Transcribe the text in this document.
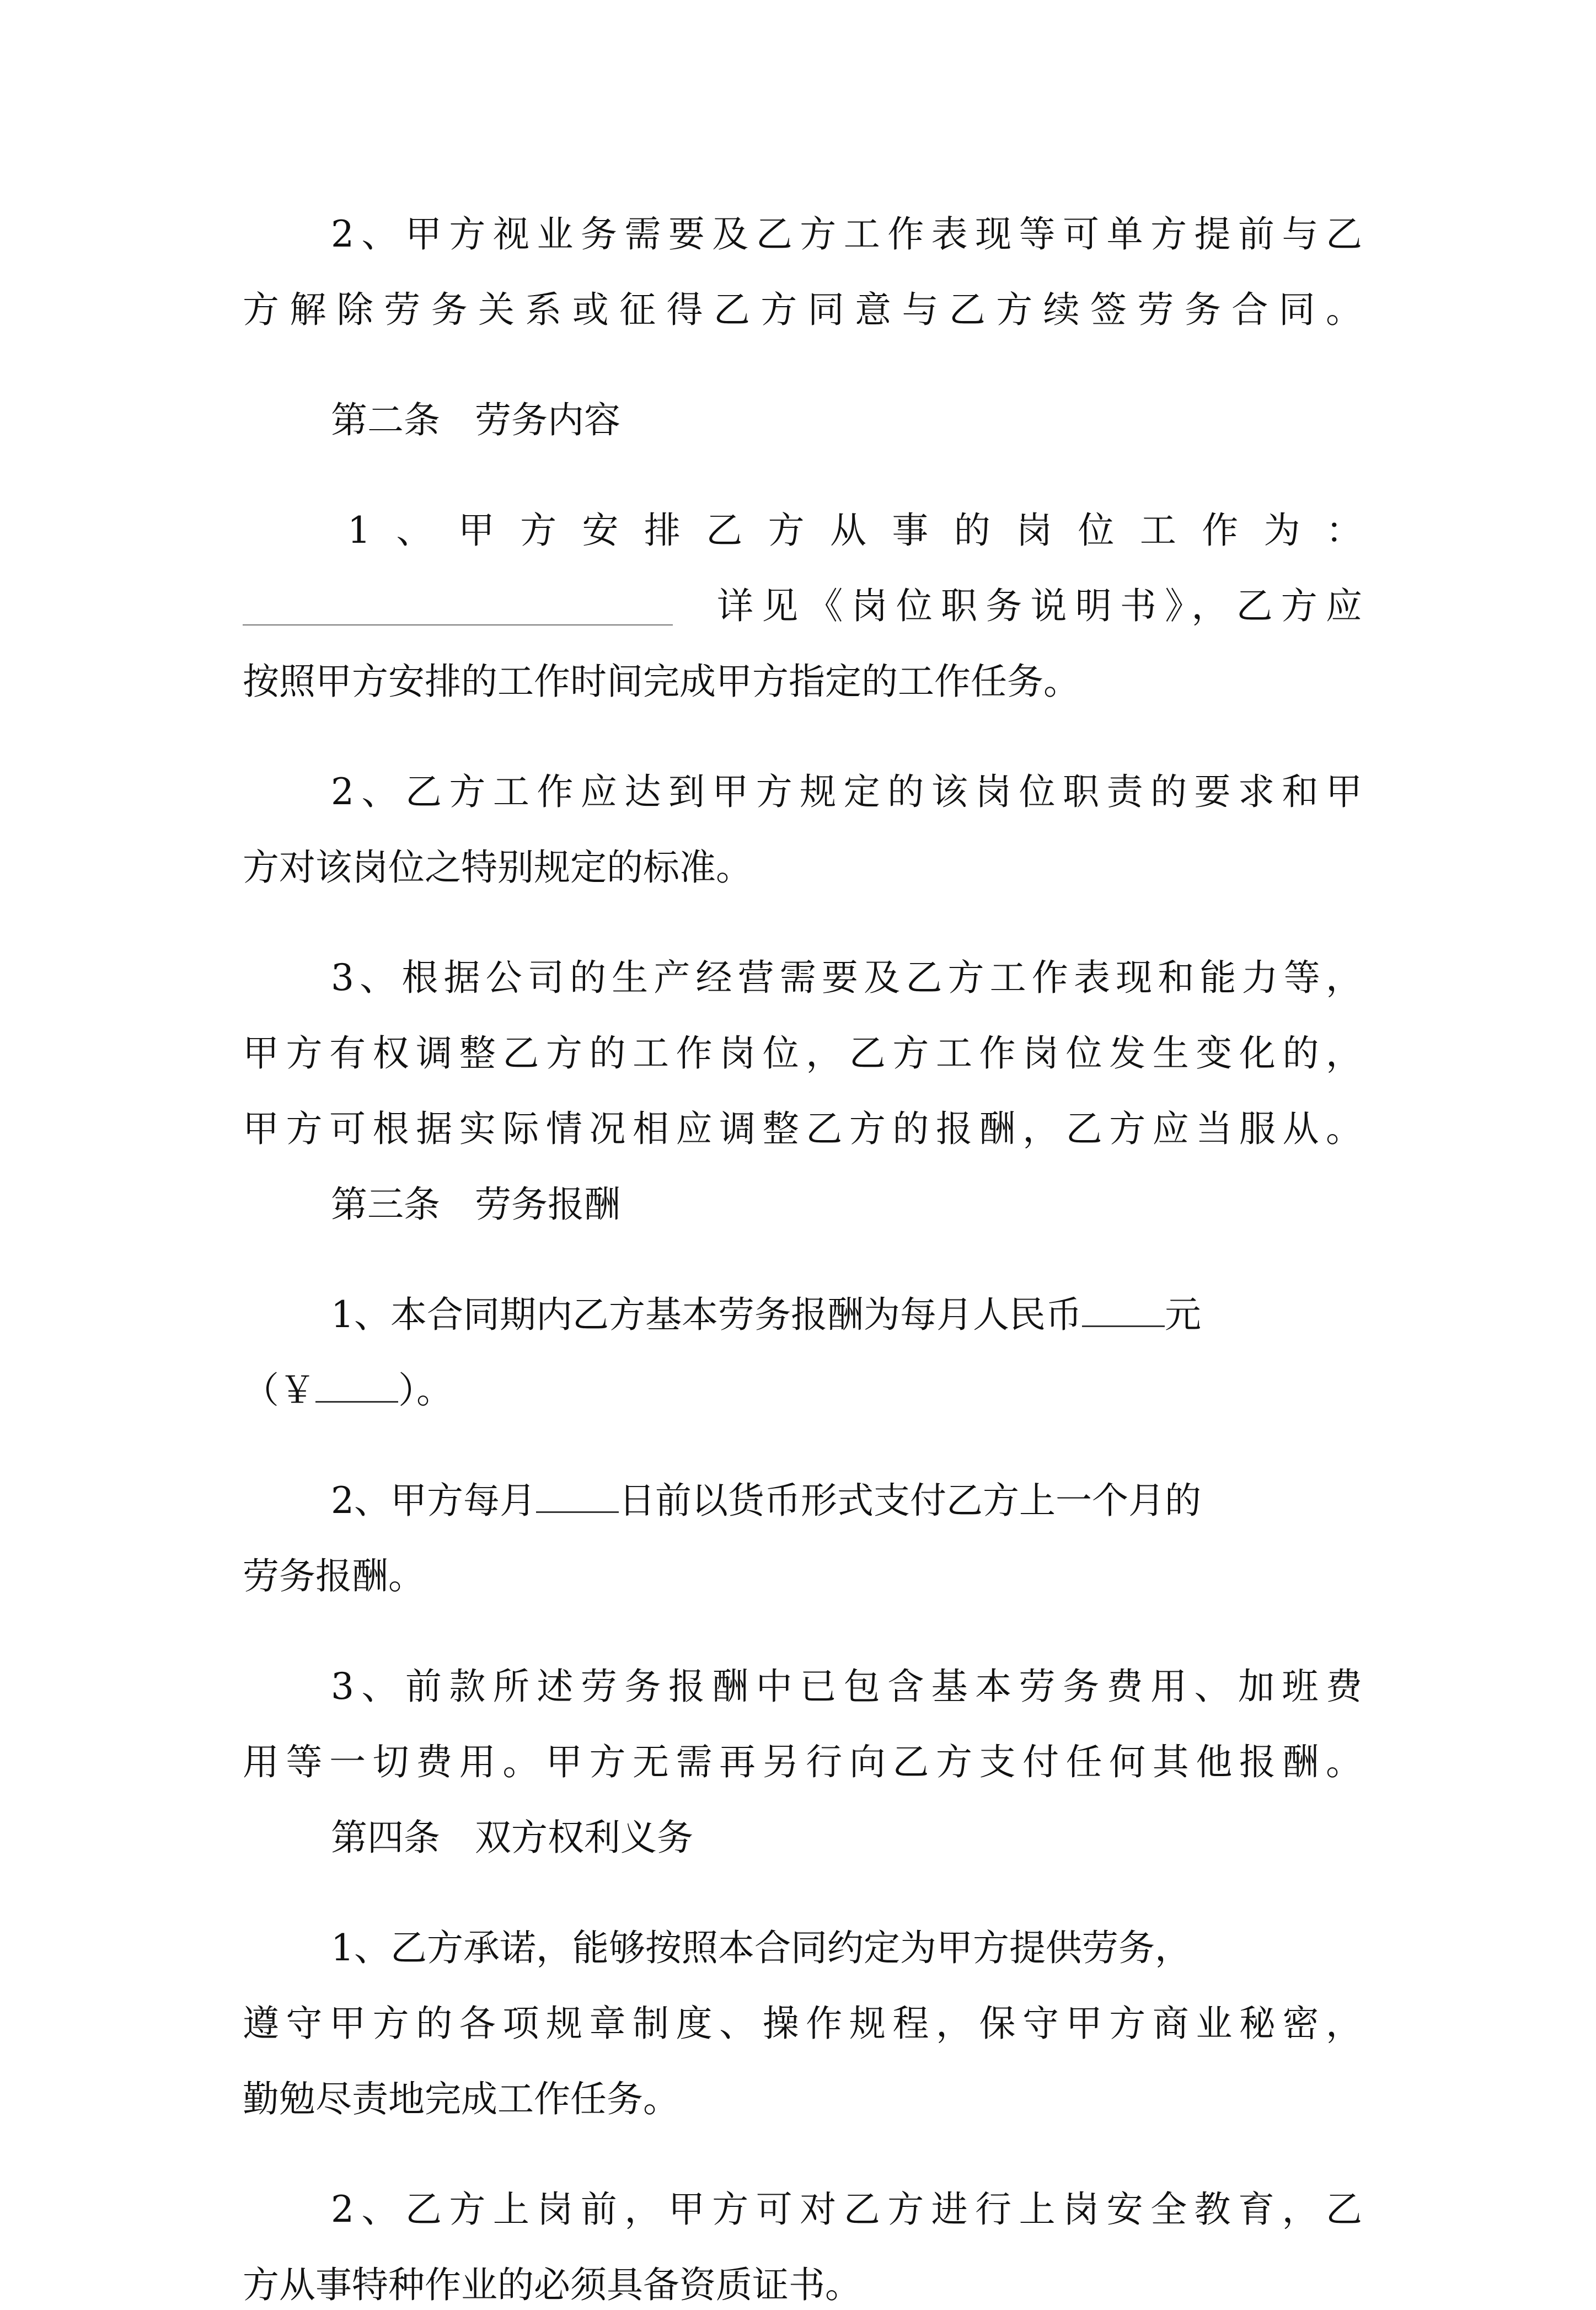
2、甲方视业务需要及乙方工作表现等可单方提前与乙
方解除劳务关系或征得乙方同意与乙方续签劳务合同。
第二条   劳务内容
1、甲方安排乙方从事的岗位工作为：
详见《岗位职务说明书》，乙方应
按照甲方安排的工作时间完成甲方指定的工作任务。
2、乙方工作应达到甲方规定的该岗位职责的要求和甲
方对该岗位之特别规定的标准。
3、根据公司的生产经营需要及乙方工作表现和能力等，
甲方有权调整乙方的工作岗位，乙方工作岗位发生变化的，
甲方可根据实际情况相应调整乙方的报酬，乙方应当服从。
第三条   劳务报酬
1、本合同期内乙方基本劳务报酬为每月人民币 元
（￥ ）。
2、甲方每月 日前以货币形式支付乙方上一个月的
劳务报酬。
3、前款所述劳务报酬中已包含基本劳务费用、加班费
用等一切费用。甲方无需再另行向乙方支付任何其他报酬。
第四条   双方权利义务
1、乙方承诺，能够按照本合同约定为甲方提供劳务，
遵守甲方的各项规章制度、操作规程，保守甲方商业秘密，
勤勉尽责地完成工作任务。
2、乙方上岗前，甲方可对乙方进行上岗安全教育，乙
方从事特种作业的必须具备资质证书。
